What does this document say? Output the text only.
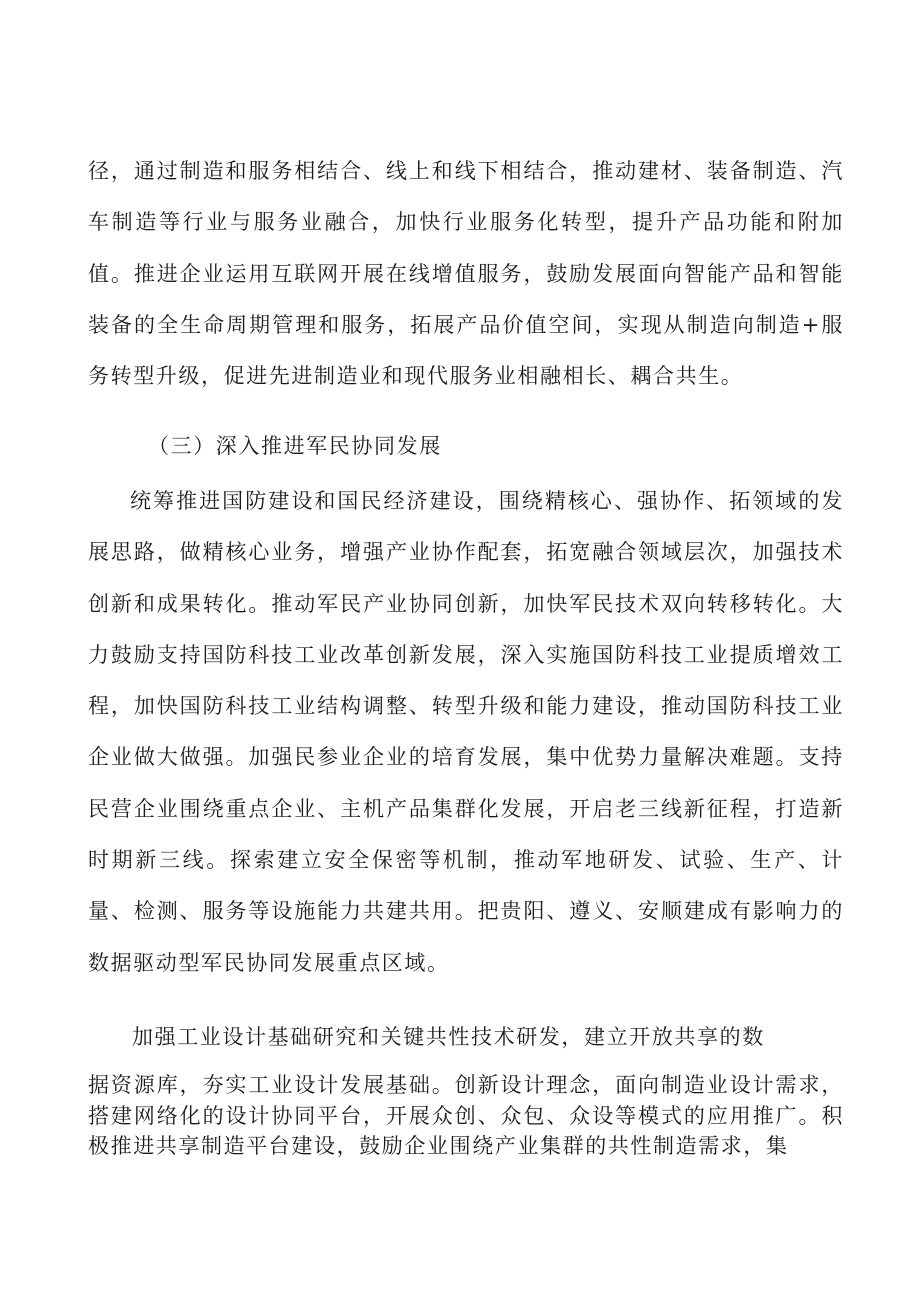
径，通过制造和服务相结合、线上和线下相结合，推动建材、装备制造、汽车制造等行业与服务业融合，加快行业服务化转型，提升产品功能和附加值。推进企业运用互联网开展在线增值服务，鼓励发展面向智能产品和智能装备的全生命周期管理和服务，拓展产品价值空间，实现从制造向制造+服务转型升级，促进先进制造业和现代服务业相融相长、耦合共生。

（三）深入推进军民协同发展

统筹推进国防建设和国民经济建设，围绕精核心、强协作、拓领域的发展思路，做精核心业务，增强产业协作配套，拓宽融合领域层次，加强技术创新和成果转化。推动军民产业协同创新，加快军民技术双向转移转化。大力鼓励支持国防科技工业改革创新发展，深入实施国防科技工业提质增效工程，加快国防科技工业结构调整、转型升级和能力建设，推动国防科技工业企业做大做强。加强民参业企业的培育发展，集中优势力量解决难题。支持民营企业围绕重点企业、主机产品集群化发展，开启老三线新征程，打造新时期新三线。探索建立安全保密等机制，推动军地研发、试验、生产、计量、检测、服务等设施能力共建共用。把贵阳、遵义、安顺建成有影响力的数据驱动型军民协同发展重点区域。

加强工业设计基础研究和关键共性技术研发，建立开放共享的数

据资源库，夯实工业设计发展基础。创新设计理念，面向制造业设计需求，搭建网络化的设计协同平台，开展众创、众包、众设等模式的应用推广。积极推进共享制造平台建设，鼓励企业围绕产业集群的共性制造需求，集
